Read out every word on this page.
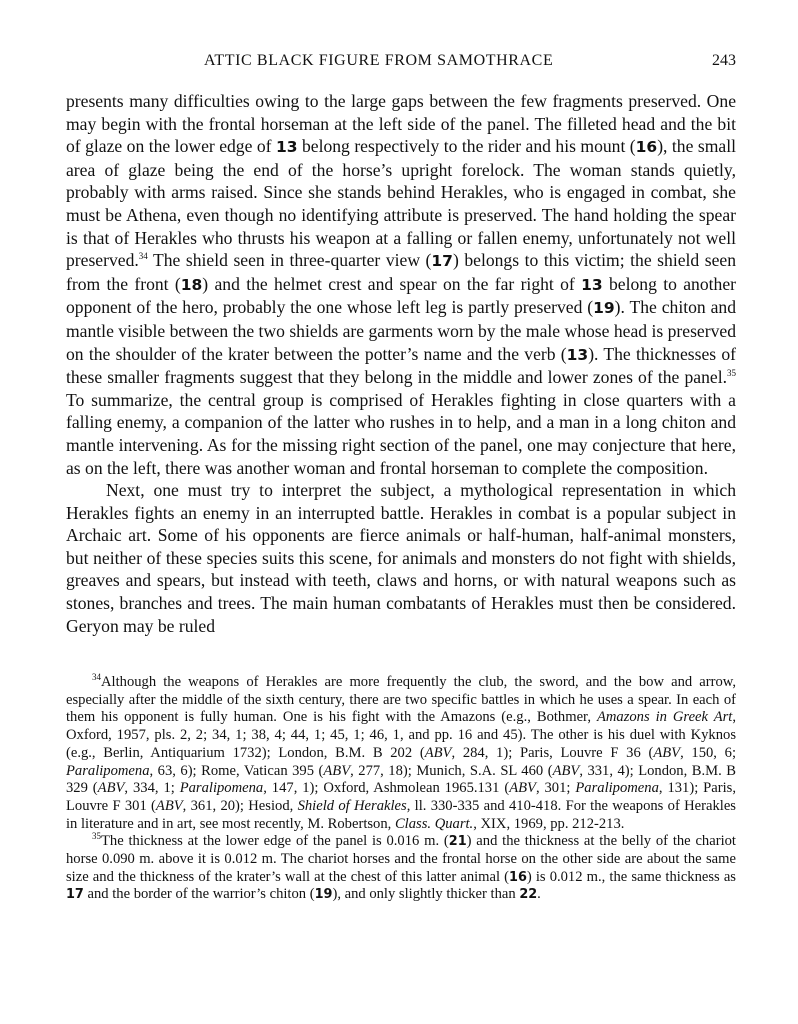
ATTIC BLACK FIGURE FROM SAMOTHRACE	243

presents many difficulties owing to the large gaps between the few fragments preserved. One may begin with the frontal horseman at the left side of the panel. The filleted head and the bit of glaze on the lower edge of 13 belong respectively to the rider and his mount (16), the small area of glaze being the end of the horse’s upright forelock. The woman stands quietly, probably with arms raised. Since she stands behind Herakles, who is engaged in combat, she must be Athena, even though no identifying attribute is preserved. The hand holding the spear is that of Herakles who thrusts his weapon at a falling or fallen enemy, unfortunately not well preserved.$^{34}$ The shield seen in three-quarter view (17) belongs to this victim; the shield seen from the front (18) and the helmet crest and spear on the far right of 13 belong to another opponent of the hero, probably the one whose left leg is partly preserved (19). The chiton and mantle visible between the two shields are garments worn by the male whose head is preserved on the shoulder of the krater between the potter’s name and the verb (13). The thicknesses of these smaller fragments suggest that they belong in the middle and lower zones of the panel.$^{35}$ To summarize, the central group is comprised of Herakles fighting in close quarters with a falling enemy, a companion of the latter who rushes in to help, and a man in a long chiton and mantle intervening. As for the missing right section of the panel, one may conjecture that here, as on the left, there was another woman and frontal horseman to complete the composition.

Next, one must try to interpret the subject, a mythological representation in which Herakles fights an enemy in an interrupted battle. Herakles in combat is a popular subject in Archaic art. Some of his opponents are fierce animals or half-human, half-animal monsters, but neither of these species suits this scene, for animals and monsters do not fight with shields, greaves and spears, but instead with teeth, claws and horns, or with natural weapons such as stones, branches and trees. The main human combatants of Herakles must then be considered. Geryon may be ruled

$^{34}$Although the weapons of Herakles are more frequently the club, the sword, and the bow and arrow, especially after the middle of the sixth century, there are two specific battles in which he uses a spear. In each of them his opponent is fully human. One is his fight with the Amazons (e.g., Bothmer, Amazons in Greek Art, Oxford, 1957, pls. 2, 2; 34, 1; 38, 4; 44, 1; 45, 1; 46, 1, and pp. 16 and 45). The other is his duel with Kyknos (e.g., Berlin, Antiquarium 1732); London, B.M. B 202 (ABV, 284, 1); Paris, Louvre F 36 (ABV, 150, 6; Paralipomena, 63, 6); Rome, Vatican 395 (ABV, 277, 18); Munich, S.A. SL 460 (ABV, 331, 4); London, B.M. B 329 (ABV, 334, 1; Paralipomena, 147, 1); Oxford, Ashmolean 1965.131 (ABV, 301; Paralipomena, 131); Paris, Louvre F 301 (ABV, 361, 20); Hesiod, Shield of Herakles, ll. 330-335 and 410-418. For the weapons of Herakles in literature and in art, see most recently, M. Robertson, Class. Quart., XIX, 1969, pp. 212-213.

$^{35}$The thickness at the lower edge of the panel is 0.016 m. (21) and the thickness at the belly of the chariot horse 0.090 m. above it is 0.012 m. The chariot horses and the frontal horse on the other side are about the same size and the thickness of the krater’s wall at the chest of this latter animal (16) is 0.012 m., the same thickness as 17 and the border of the warrior’s chiton (19), and only slightly thicker than 22.
